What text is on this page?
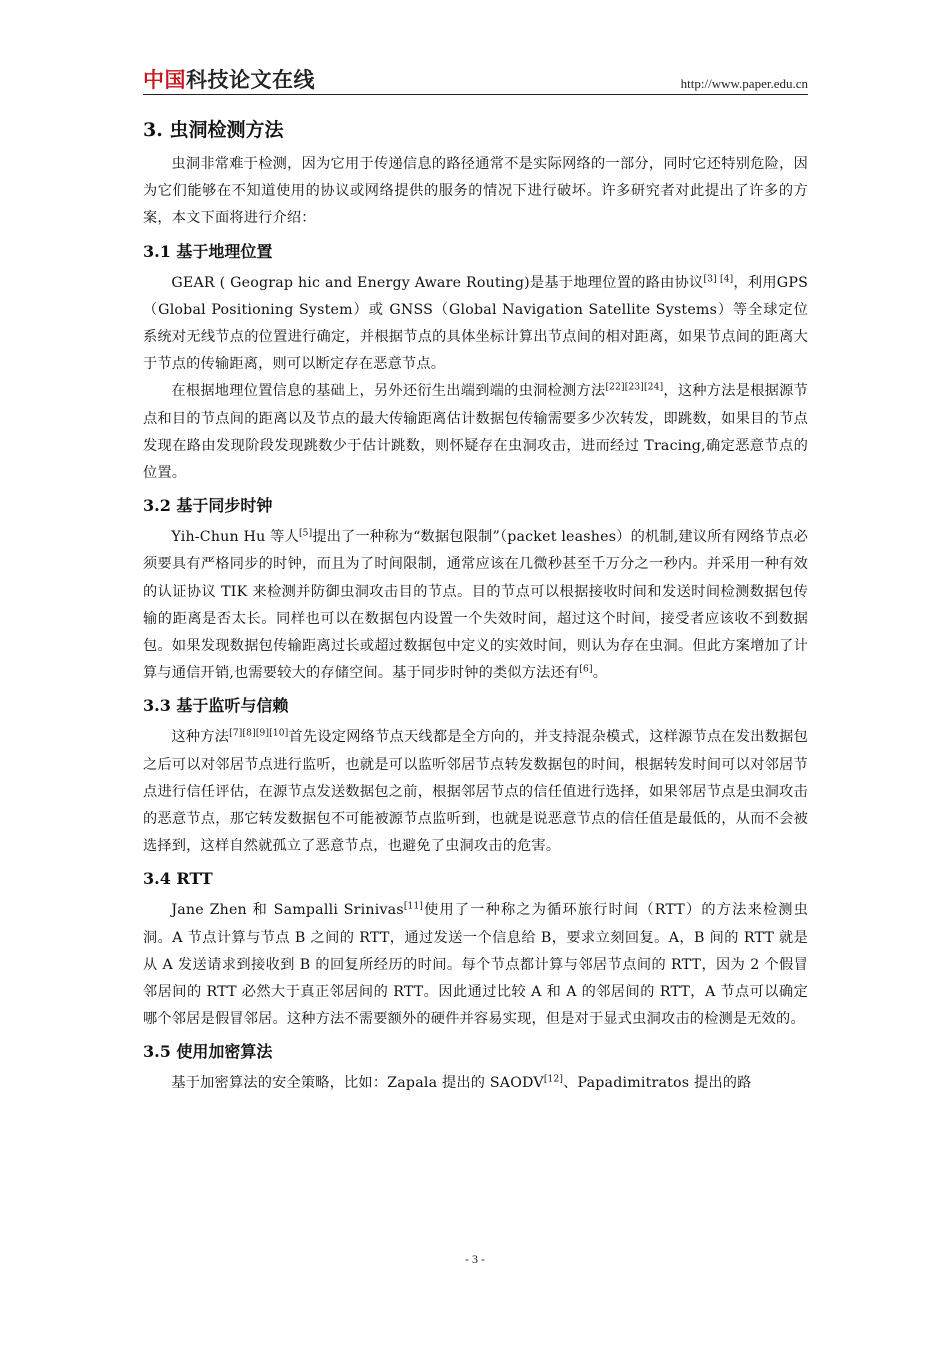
中国科技论文在线	http://www.paper.edu.cn
3. 虫洞检测方法

虫洞非常难于检测，因为它用于传递信息的路径通常不是实际网络的一部分，同时它还特别危险，因为它们能够在不知道使用的协议或网络提供的服务的情况下进行破坏。许多研究者对此提出了许多的方案，本文下面将进行介绍：

3.1 基于地理位置

GEAR ( Geograp hic and Energy Aware Routing)是基于地理位置的路由协议[3] [4]，利用GPS（Global Positioning System）或 GNSS（Global Navigation Satellite Systems）等全球定位系统对无线节点的位置进行确定，并根据节点的具体坐标计算出节点间的相对距离，如果节点间的距离大于节点的传输距离，则可以断定存在恶意节点。

在根据地理位置信息的基础上，另外还衍生出端到端的虫洞检测方法[22][23][24]，这种方法是根据源节点和目的节点间的距离以及节点的最大传输距离估计数据包传输需要多少次转发，即跳数，如果目的节点发现在路由发现阶段发现跳数少于估计跳数，则怀疑存在虫洞攻击，进而经过 Tracing,确定恶意节点的位置。

3.2 基于同步时钟

Yih-Chun Hu 等人[5]提出了一种称为“数据包限制”（packet leashes）的机制,建议所有网络节点必须要具有严格同步的时钟，而且为了时间限制，通常应该在几微秒甚至千万分之一秒内。并采用一种有效的认证协议 TIK 来检测并防御虫洞攻击目的节点。目的节点可以根据接收时间和发送时间检测数据包传输的距离是否太长。同样也可以在数据包内设置一个失效时间，超过这个时间，接受者应该收不到数据包。如果发现数据包传输距离过长或超过数据包中定义的实效时间，则认为存在虫洞。但此方案增加了计算与通信开销,也需要较大的存储空间。基于同步时钟的类似方法还有[6]。

3.3 基于监听与信赖

这种方法[7][8][9][10]首先设定网络节点天线都是全方向的，并支持混杂模式，这样源节点在发出数据包之后可以对邻居节点进行监听，也就是可以监听邻居节点转发数据包的时间，根据转发时间可以对邻居节点进行信任评估，在源节点发送数据包之前，根据邻居节点的信任值进行选择，如果邻居节点是虫洞攻击的恶意节点，那它转发数据包不可能被源节点监听到，也就是说恶意节点的信任值是最低的，从而不会被选择到，这样自然就孤立了恶意节点，也避免了虫洞攻击的危害。

3.4 RTT

Jane Zhen 和 Sampalli Srinivas[11]使用了一种称之为循环旅行时间（RTT）的方法来检测虫洞。A 节点计算与节点 B 之间的 RTT，通过发送一个信息给 B，要求立刻回复。A，B 间的 RTT 就是从 A 发送请求到接收到 B 的回复所经历的时间。每个节点都计算与邻居节点间的 RTT，因为 2 个假冒邻居间的 RTT 必然大于真正邻居间的 RTT。因此通过比较 A 和 A 的邻居间的 RTT，A 节点可以确定哪个邻居是假冒邻居。这种方法不需要额外的硬件并容易实现，但是对于显式虫洞攻击的检测是无效的。

3.5 使用加密算法

基于加密算法的安全策略，比如：Zapala 提出的 SAODV[12]、Papadimitratos 提出的路

- 3 -
